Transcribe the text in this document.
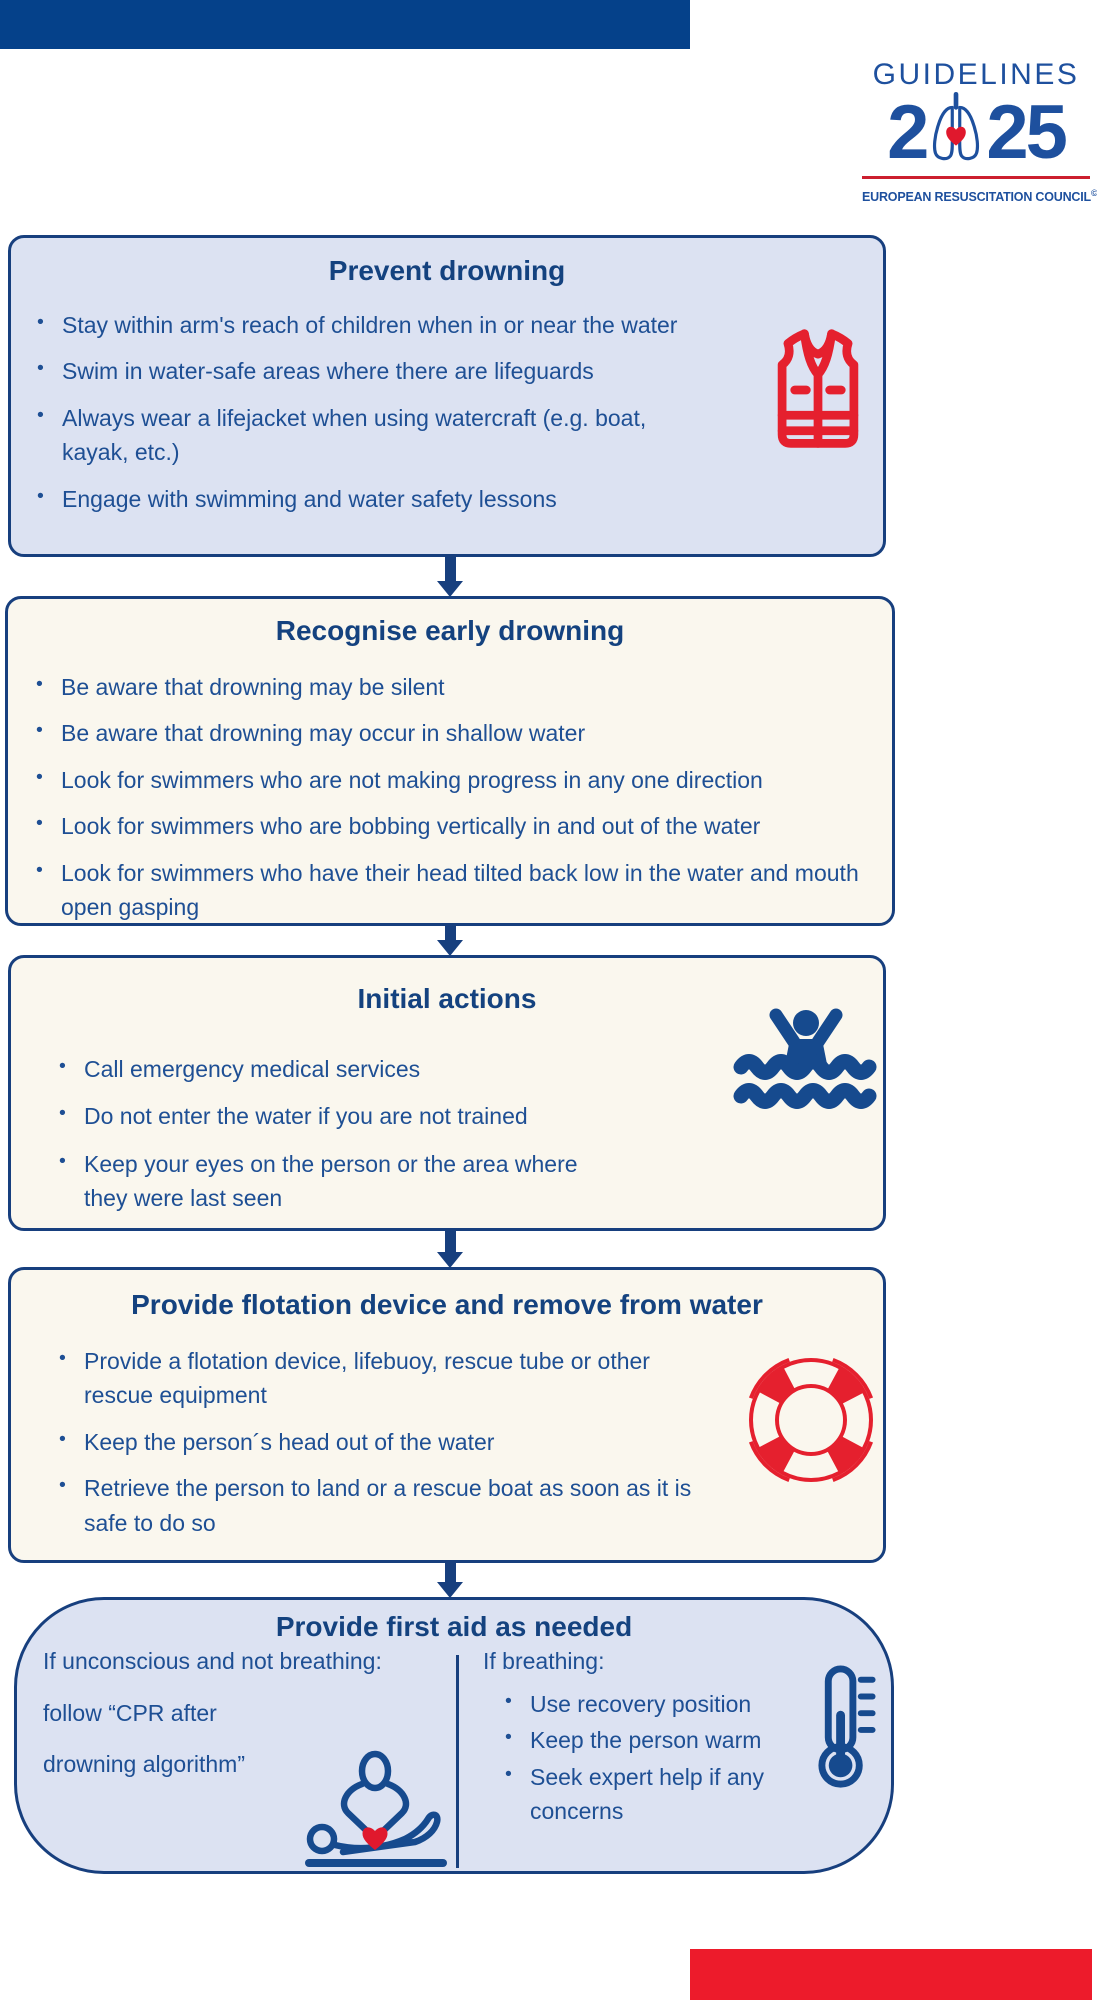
GUIDELINES
2 25
EUROPEAN RESUSCITATION COUNCIL©
Prevent drowning
• Stay within arm's reach of children when in or near the water
• Swim in water-safe areas where there are lifeguards
• Always wear a lifejacket when using watercraft (e.g. boat, kayak, etc.)
• Engage with swimming and water safety lessons
Recognise early drowning
• Be aware that drowning may be silent
• Be aware that drowning may occur in shallow water
• Look for swimmers who are not making progress in any one direction
• Look for swimmers who are bobbing vertically in and out of the water
• Look for swimmers who have their head tilted back low in the water and mouth open gasping
Initial actions
• Call emergency medical services
• Do not enter the water if you are not trained
• Keep your eyes on the person or the area where they were last seen
Provide flotation device and remove from water
• Provide a flotation device, lifebuoy, rescue tube or other rescue equipment
• Keep the person´s head out of the water
• Retrieve the person to land or a rescue boat as soon as it is safe to do so
Provide first aid as needed

If unconscious and not breathing:

follow “CPR after

drowning algorithm”

If breathing:

• Use recovery position
• Keep the person warm
• Seek expert help if any concerns
